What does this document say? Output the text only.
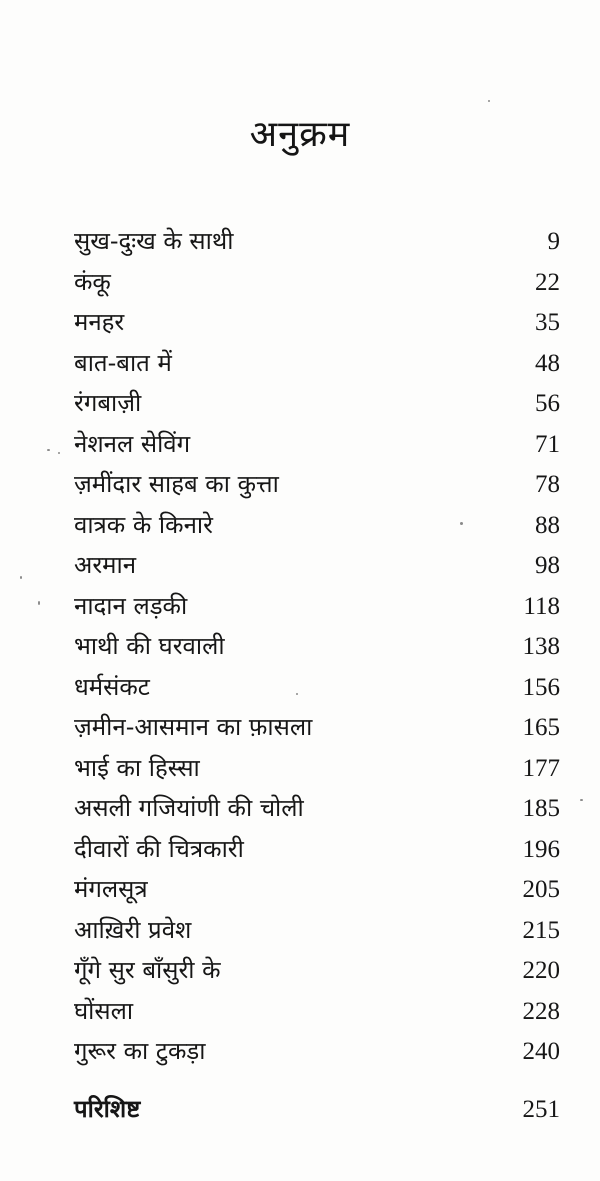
अनुक्रम
सुख-दुःख के साथी	9
कंकू	22
मनहर	35
बात-बात में	48
रंगबाज़ी	56
नेशनल सेविंग	71
ज़मींदार साहब का कुत्ता	78
वात्रक के किनारे	88
अरमान	98
नादान लड़की	118
भाथी की घरवाली	138
धर्मसंकट	156
ज़मीन-आसमान का फ़ासला	165
भाई का हिस्सा	177
असली गजियांणी की चोली	185
दीवारों की चित्रकारी	196
मंगलसूत्र	205
आख़िरी प्रवेश	215
गूँगे सुर बाँसुरी के	220
घोंसला	228
गुरूर का टुकड़ा	240
परिशिष्ट	251
